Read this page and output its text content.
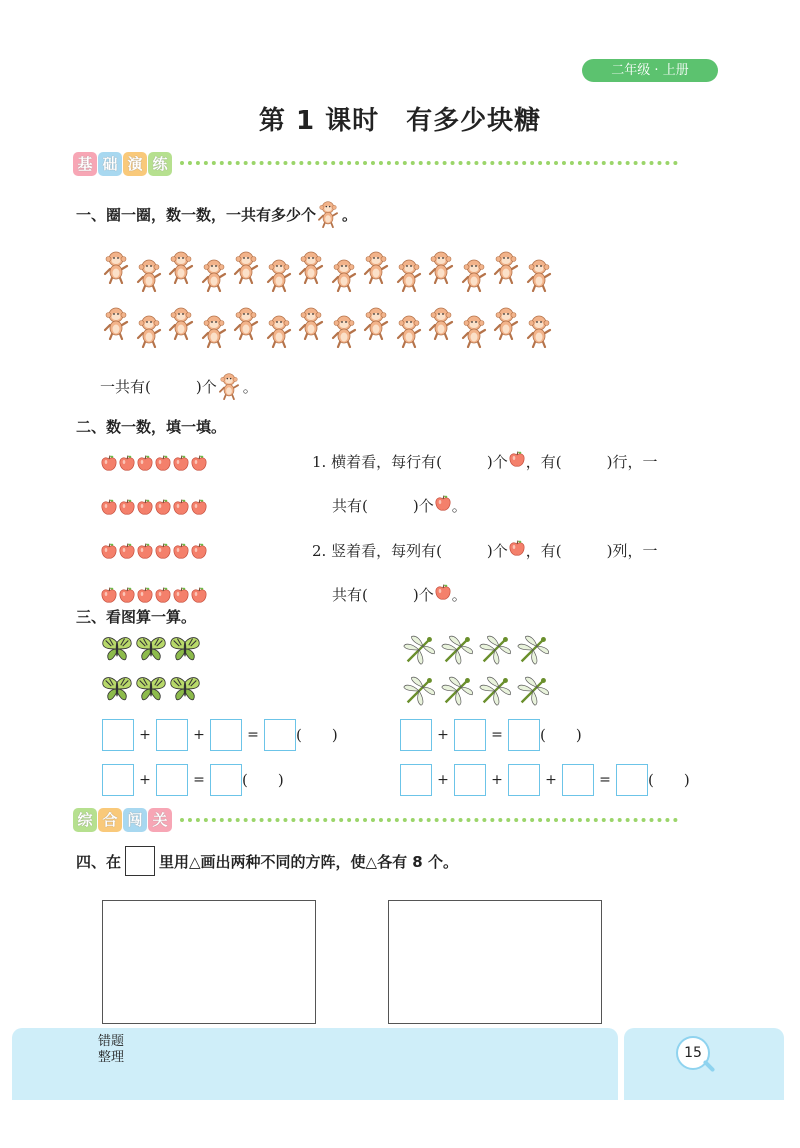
二年级 · 上册
第 1 课时　有多少块糖
基 础 演 练
一、圈一圈，数一数，一共有多少个 。
一共有(　　　)个 。
二、数一数，填一填。
1. 横着看，每行有(　　　)个 ，有(　　　)行，一
共有(　　　)个 。
2. 竖着看，每列有(　　　)个 ，有(　　　)列，一
共有(　　　)个 。
三、看图算一算。
+	+	=	(　　)
+	=	(　　)
+	=	(　　)
+	+	+	=	(　　)
综 合 闯 关
四、在	里用△画出两种不同的方阵，使△各有 8 个。
错题
整理	15
